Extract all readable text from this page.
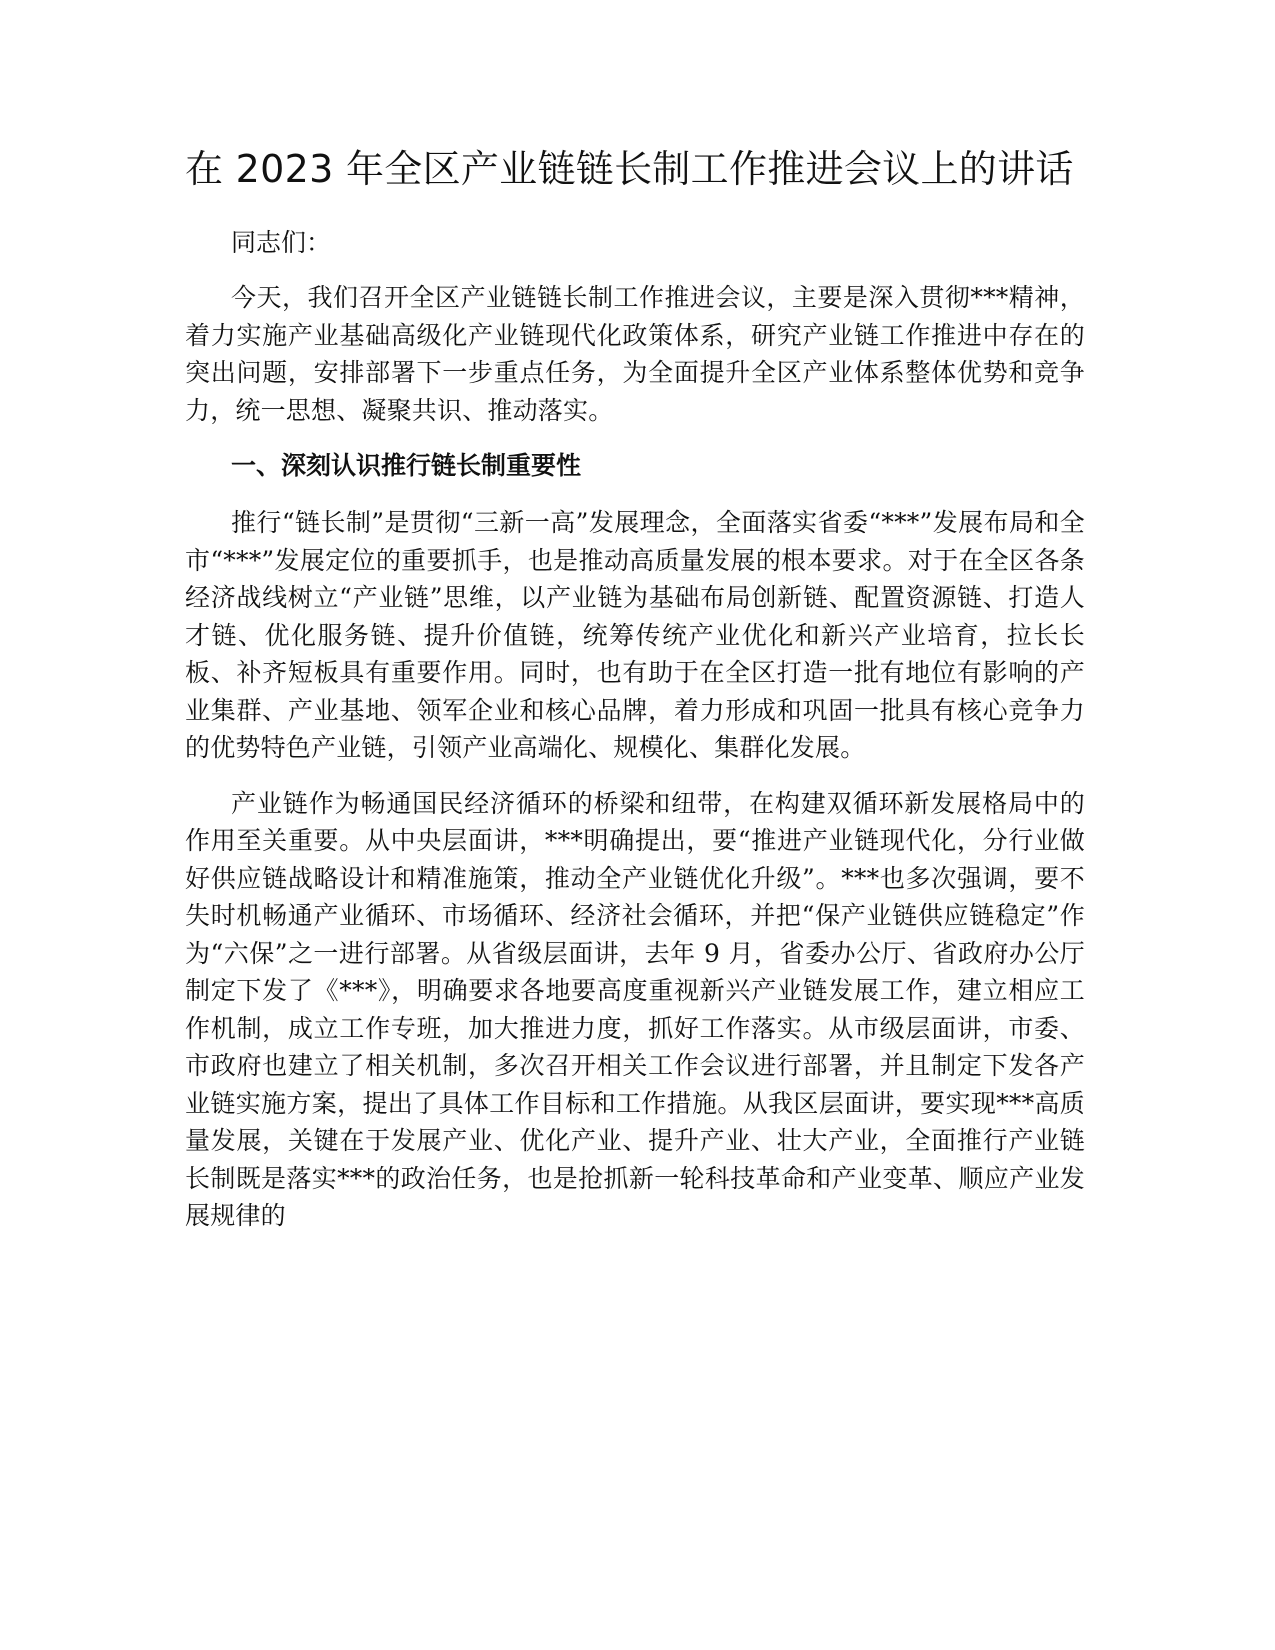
在 2023 年全区产业链链长制工作推进会议上的讲话

同志们：

今天，我们召开全区产业链链长制工作推进会议，主要是深入贯彻***精神，着力实施产业基础高级化产业链现代化政策体系，研究产业链工作推进中存在的突出问题，安排部署下一步重点任务，为全面提升全区产业体系整体优势和竞争力，统一思想、凝聚共识、推动落实。

一、深刻认识推行链长制重要性

推行“链长制”是贯彻“三新一高”发展理念，全面落实省委“***”发展布局和全市“***”发展定位的重要抓手，也是推动高质量发展的根本要求。对于在全区各条经济战线树立“产业链”思维，以产业链为基础布局创新链、配置资源链、打造人才链、优化服务链、提升价值链，统筹传统产业优化和新兴产业培育，拉长长板、补齐短板具有重要作用。同时，也有助于在全区打造一批有地位有影响的产业集群、产业基地、领军企业和核心品牌，着力形成和巩固一批具有核心竞争力的优势特色产业链，引领产业高端化、规模化、集群化发展。

产业链作为畅通国民经济循环的桥梁和纽带，在构建双循环新发展格局中的作用至关重要。从中央层面讲，***明确提出，要“推进产业链现代化，分行业做好供应链战略设计和精准施策，推动全产业链优化升级”。***也多次强调，要不失时机畅通产业循环、市场循环、经济社会循环，并把“保产业链供应链稳定”作为“六保”之一进行部署。从省级层面讲，去年 9 月，省委办公厅、省政府办公厅制定下发了《***》，明确要求各地要高度重视新兴产业链发展工作，建立相应工作机制，成立工作专班，加大推进力度，抓好工作落实。从市级层面讲，市委、市政府也建立了相关机制，多次召开相关工作会议进行部署，并且制定下发各产业链实施方案，提出了具体工作目标和工作措施。从我区层面讲，要实现***高质量发展，关键在于发展产业、优化产业、提升产业、壮大产业，全面推行产业链长制既是落实***的政治任务，也是抢抓新一轮科技革命和产业变革、顺应产业发展规律的
